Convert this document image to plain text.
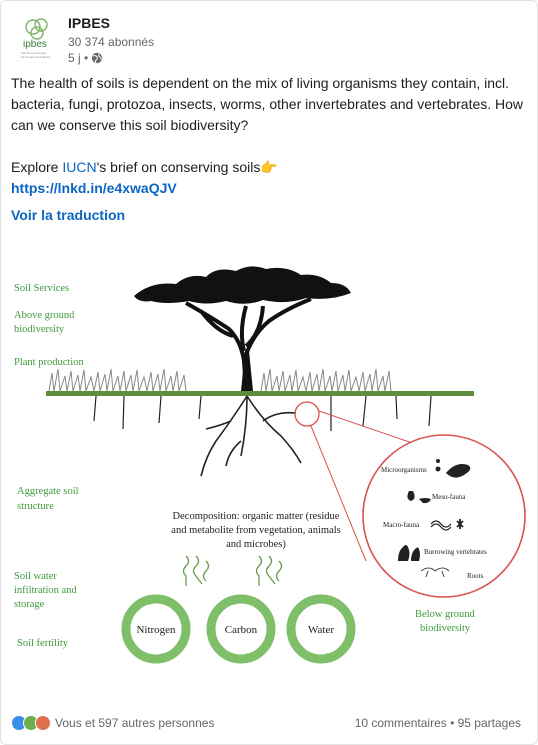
ipbes
Science and Policy
for People and Nature
IPBES
30 374 abonnés
5 j •

The health of soils is dependent on the mix of living organisms they contain, incl. bacteria, fungi, protozoa, insects, worms, other invertebrates and vertebrates. How can we conserve this soil biodiversity?

Explore IUCN's brief on conserving soils👉

https://lnkd.in/e4xwaQJV

Voir la traduction
Soil Services
Above ground
biodiversity
Plant production
Aggregate soil
structure
Soil water
infiltration and
storage
Soil fertility
Microorganisms
Meso-fauna
Macro-fauna
Burrowing vertebrates
Roots
Below ground
biodiversity
Decomposition: organic matter (residue
and metabolite from vegetation, animals
and microbes)
Nitrogen	Carbon	Water
Vous et 597 autres personnes	10 commentaires • 95 partages
